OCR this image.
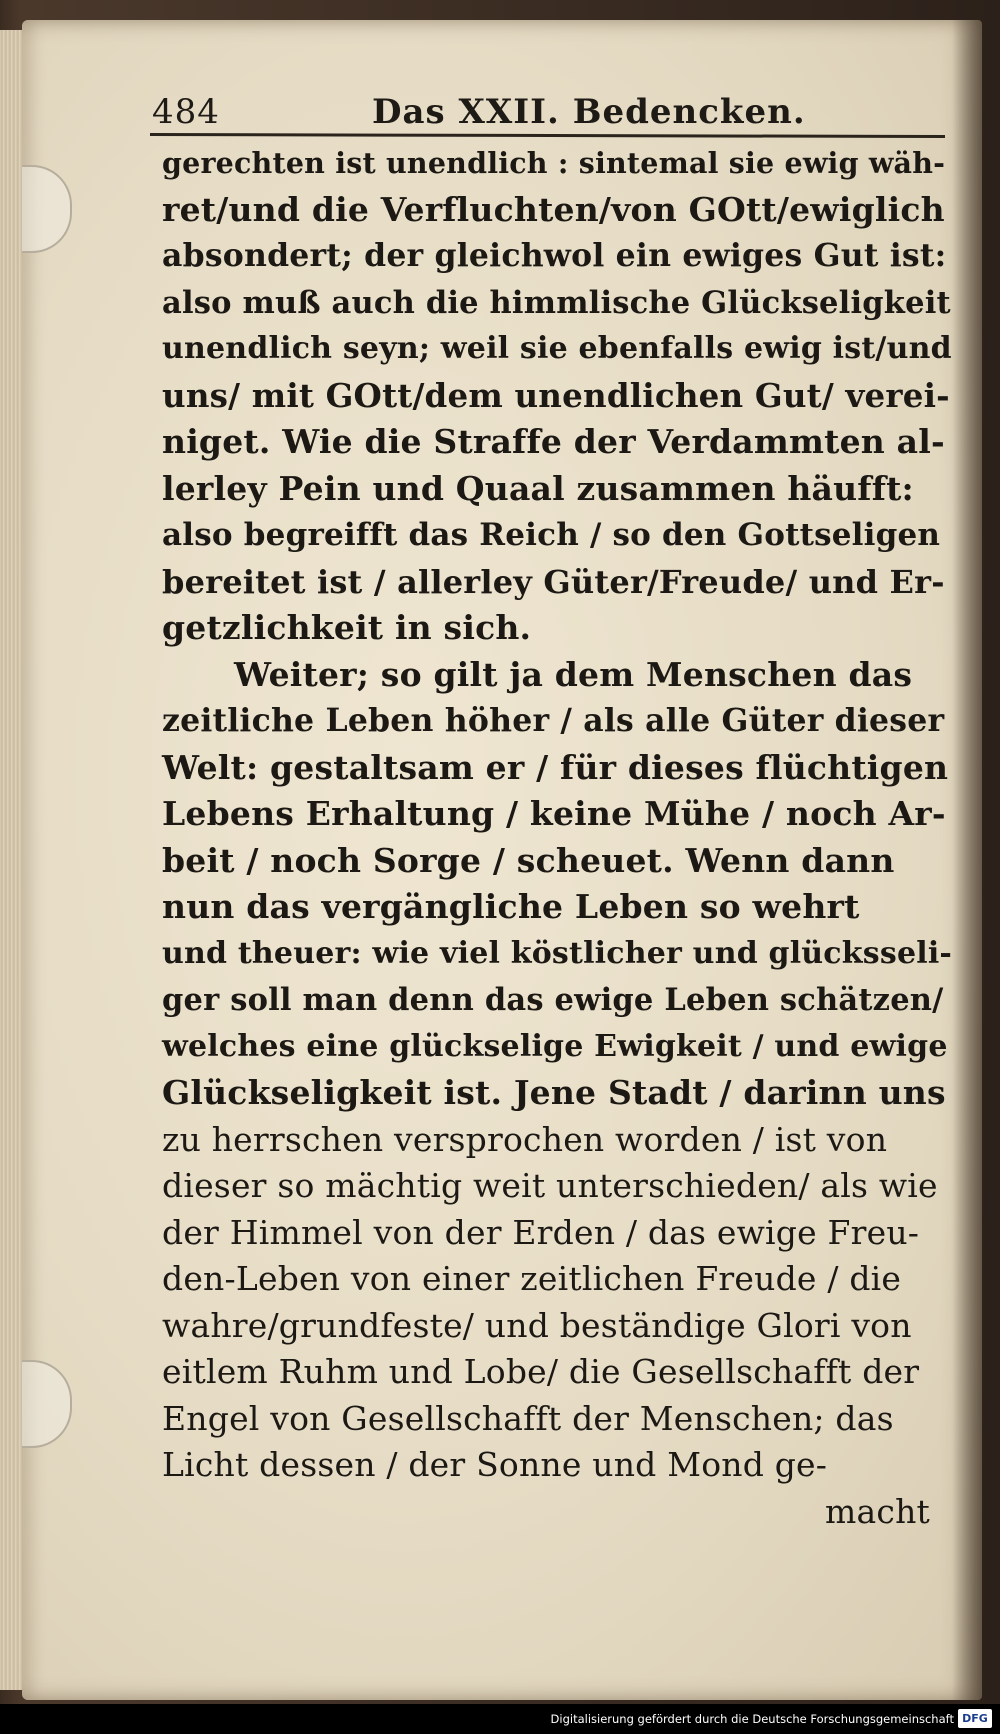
484	Das XXII. Bedencken.
gerechten ist unendlich : sintemal sie ewig wäh-
ret/und die Verfluchten/von GOtt/ewiglich
absondert; der gleichwol ein ewiges Gut ist:
also muß auch die himmlische Glückseligkeit
unendlich seyn; weil sie ebenfalls ewig ist/und
uns/ mit GOtt/dem unendlichen Gut/ verei-
niget. Wie die Straffe der Verdammten al-
lerley Pein und Quaal zusammen häufft:
also begreifft das Reich / so den Gottseligen
bereitet ist / allerley Güter/Freude/ und Er-
getzlichkeit in sich.
Weiter; so gilt ja dem Menschen das
zeitliche Leben höher / als alle Güter dieser
Welt: gestaltsam er / für dieses flüchtigen
Lebens Erhaltung / keine Mühe / noch Ar-
beit / noch Sorge / scheuet. Wenn dann
nun das vergängliche Leben so wehrt
und theuer: wie viel köstlicher und glücksseli-
ger soll man denn das ewige Leben schätzen/
welches eine glückselige Ewigkeit / und ewige
Glückseligkeit ist. Jene Stadt / darinn uns
zu herrschen versprochen worden / ist von
dieser so mächtig weit unterschieden/ als wie
der Himmel von der Erden / das ewige Freu-
den-Leben von einer zeitlichen Freude / die
wahre/grundfeste/ und beständige Glori von
eitlem Ruhm und Lobe/ die Gesellschafft der
Engel von Gesellschafft der Menschen; das
Licht dessen / der Sonne und Mond ge-
macht
Digitalisierung gefördert durch die Deutsche Forschungsgemeinschaft DFG
